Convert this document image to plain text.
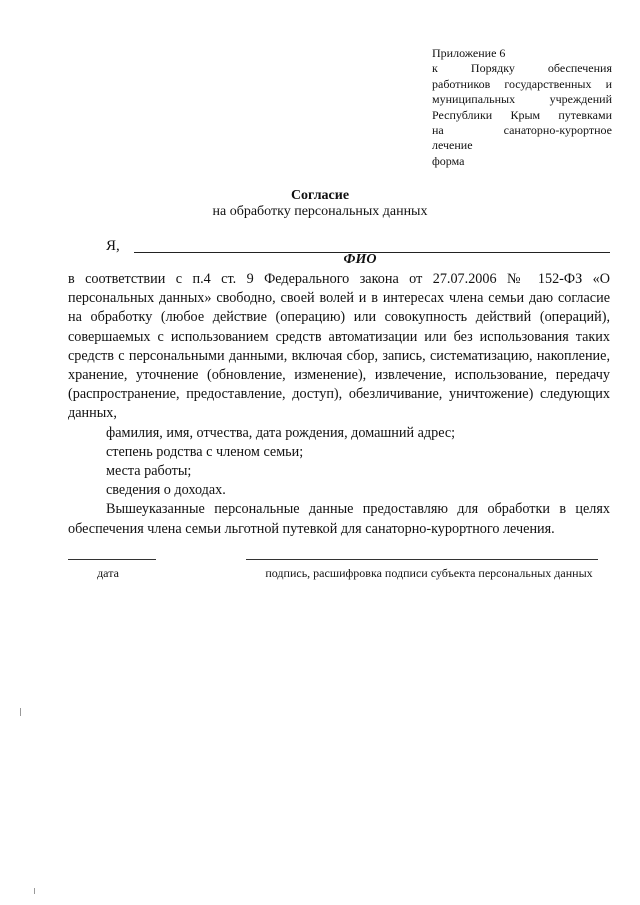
Приложение 6
к Порядку обеспечения
работников государственных и
муниципальных учреждений
Республики Крым путевками
на санаторно-курортное
лечение
форма
Согласие
на обработку персональных данных
Я,
ФИО

в соответствии с п.4 ст. 9 Федерального закона от 27.07.2006 № 152-ФЗ «О персональных данных» свободно, своей волей и в интересах члена семьи даю согласие на обработку (любое действие (операцию) или совокупность действий (операций), совершаемых с использованием средств автоматизации или без использования таких средств с персональными данными, включая сбор, запись, систематизацию, накопление, хранение, уточнение (обновление, изменение), извлечение, использование, передачу (распространение, предоставление, доступ), обезличивание, уничтожение) следующих данных,

фамилия, имя, отчества, дата рождения, домашний адрес;

степень родства с членом семьи;

места работы;

сведения о доходах.

Вышеуказанные персональные данные предоставляю для обработки в целях обеспечения члена семьи льготной путевкой для санаторно-курортного лечения.

дата	подпись, расшифровка подписи субъекта персональных данных
